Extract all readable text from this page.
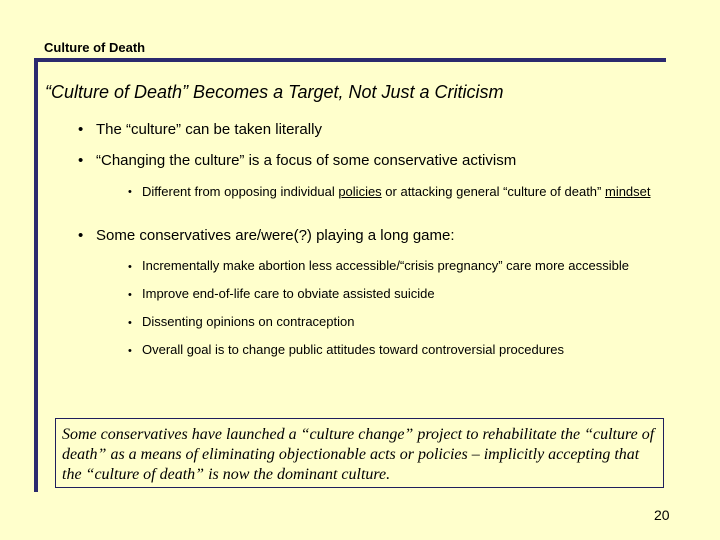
Culture of Death
“Culture of Death” Becomes a Target, Not Just a Criticism
• The “culture” can be taken literally
• “Changing the culture” is a focus of some conservative activism
• Different from opposing individual policies or attacking general “culture of death” mindset
• Some conservatives are/were(?) playing a long game:
• Incrementally make abortion less accessible/“crisis pregnancy” care more accessible
• Improve end-of-life care to obviate assisted suicide
• Dissenting opinions on contraception
• Overall goal is to change public attitudes toward controversial procedures
Some conservatives have launched a “culture change” project to rehabilitate the “culture of death” as a means of eliminating objectionable acts or policies – implicitly accepting that the “culture of death” is now the dominant culture.
20
